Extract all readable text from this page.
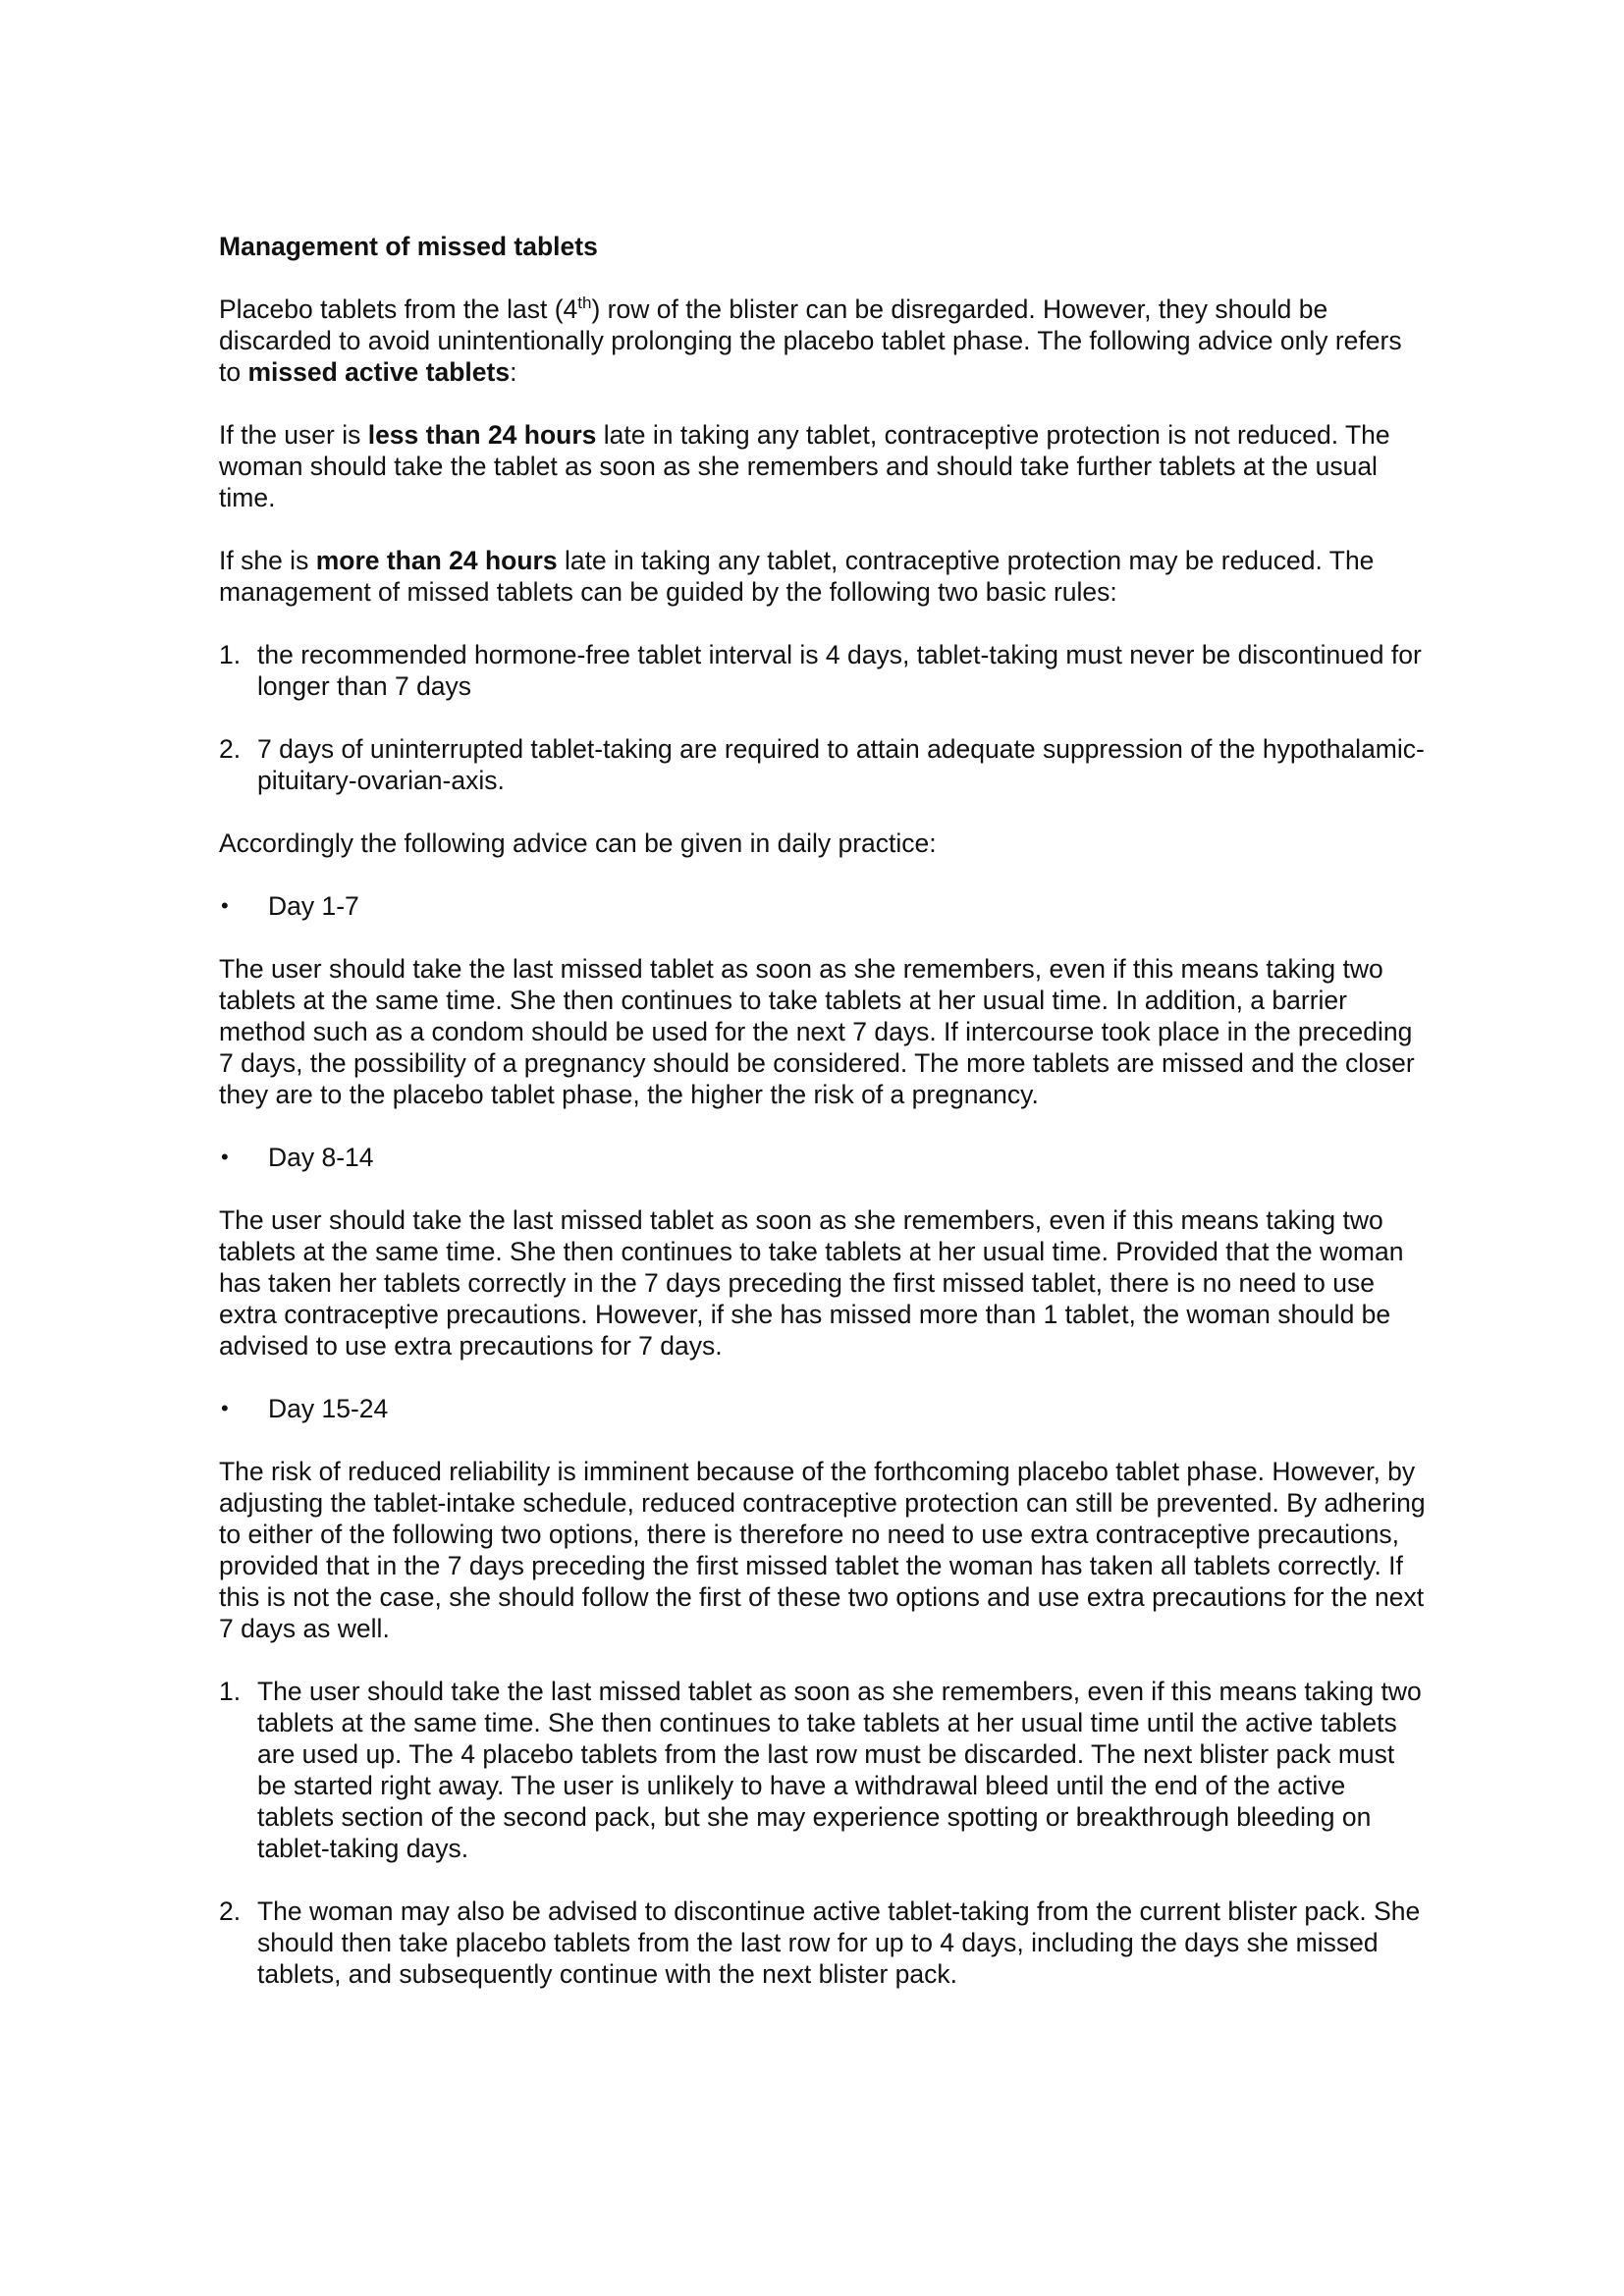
Management of missed tablets

Placebo tablets from the last (4th) row of the blister can be disregarded. However, they should be discarded to avoid unintentionally prolonging the placebo tablet phase. The following advice only refers to missed active tablets:

If the user is less than 24 hours late in taking any tablet, contraceptive protection is not reduced. The woman should take the tablet as soon as she remembers and should take further tablets at the usual time.

If she is more than 24 hours late in taking any tablet, contraceptive protection may be reduced. The management of missed tablets can be guided by the following two basic rules:

1. the recommended hormone-free tablet interval is 4 days, tablet-taking must never be discontinued for longer than 7 days
2. 7 days of uninterrupted tablet-taking are required to attain adequate suppression of the hypothalamic-pituitary-ovarian-axis.

Accordingly the following advice can be given in daily practice:

•	Day 1-7

The user should take the last missed tablet as soon as she remembers, even if this means taking two tablets at the same time. She then continues to take tablets at her usual time. In addition, a barrier method such as a condom should be used for the next 7 days. If intercourse took place in the preceding 7 days, the possibility of a pregnancy should be considered. The more tablets are missed and the closer they are to the placebo tablet phase, the higher the risk of a pregnancy.

•	Day 8-14

The user should take the last missed tablet as soon as she remembers, even if this means taking two tablets at the same time. She then continues to take tablets at her usual time. Provided that the woman has taken her tablets correctly in the 7 days preceding the first missed tablet, there is no need to use extra contraceptive precautions. However, if she has missed more than 1 tablet, the woman should be advised to use extra precautions for 7 days.

•	Day 15-24

The risk of reduced reliability is imminent because of the forthcoming placebo tablet phase. However, by adjusting the tablet-intake schedule, reduced contraceptive protection can still be prevented. By adhering to either of the following two options, there is therefore no need to use extra contraceptive precautions, provided that in the 7 days preceding the first missed tablet the woman has taken all tablets correctly. If this is not the case, she should follow the first of these two options and use extra precautions for the next 7 days as well.

1. The user should take the last missed tablet as soon as she remembers, even if this means taking two tablets at the same time. She then continues to take tablets at her usual time until the active tablets are used up. The 4 placebo tablets from the last row must be discarded. The next blister pack must be started right away. The user is unlikely to have a withdrawal bleed until the end of the active tablets section of the second pack, but she may experience spotting or breakthrough bleeding on tablet-taking days.
2. The woman may also be advised to discontinue active tablet-taking from the current blister pack. She should then take placebo tablets from the last row for up to 4 days, including the days she missed tablets, and subsequently continue with the next blister pack.
